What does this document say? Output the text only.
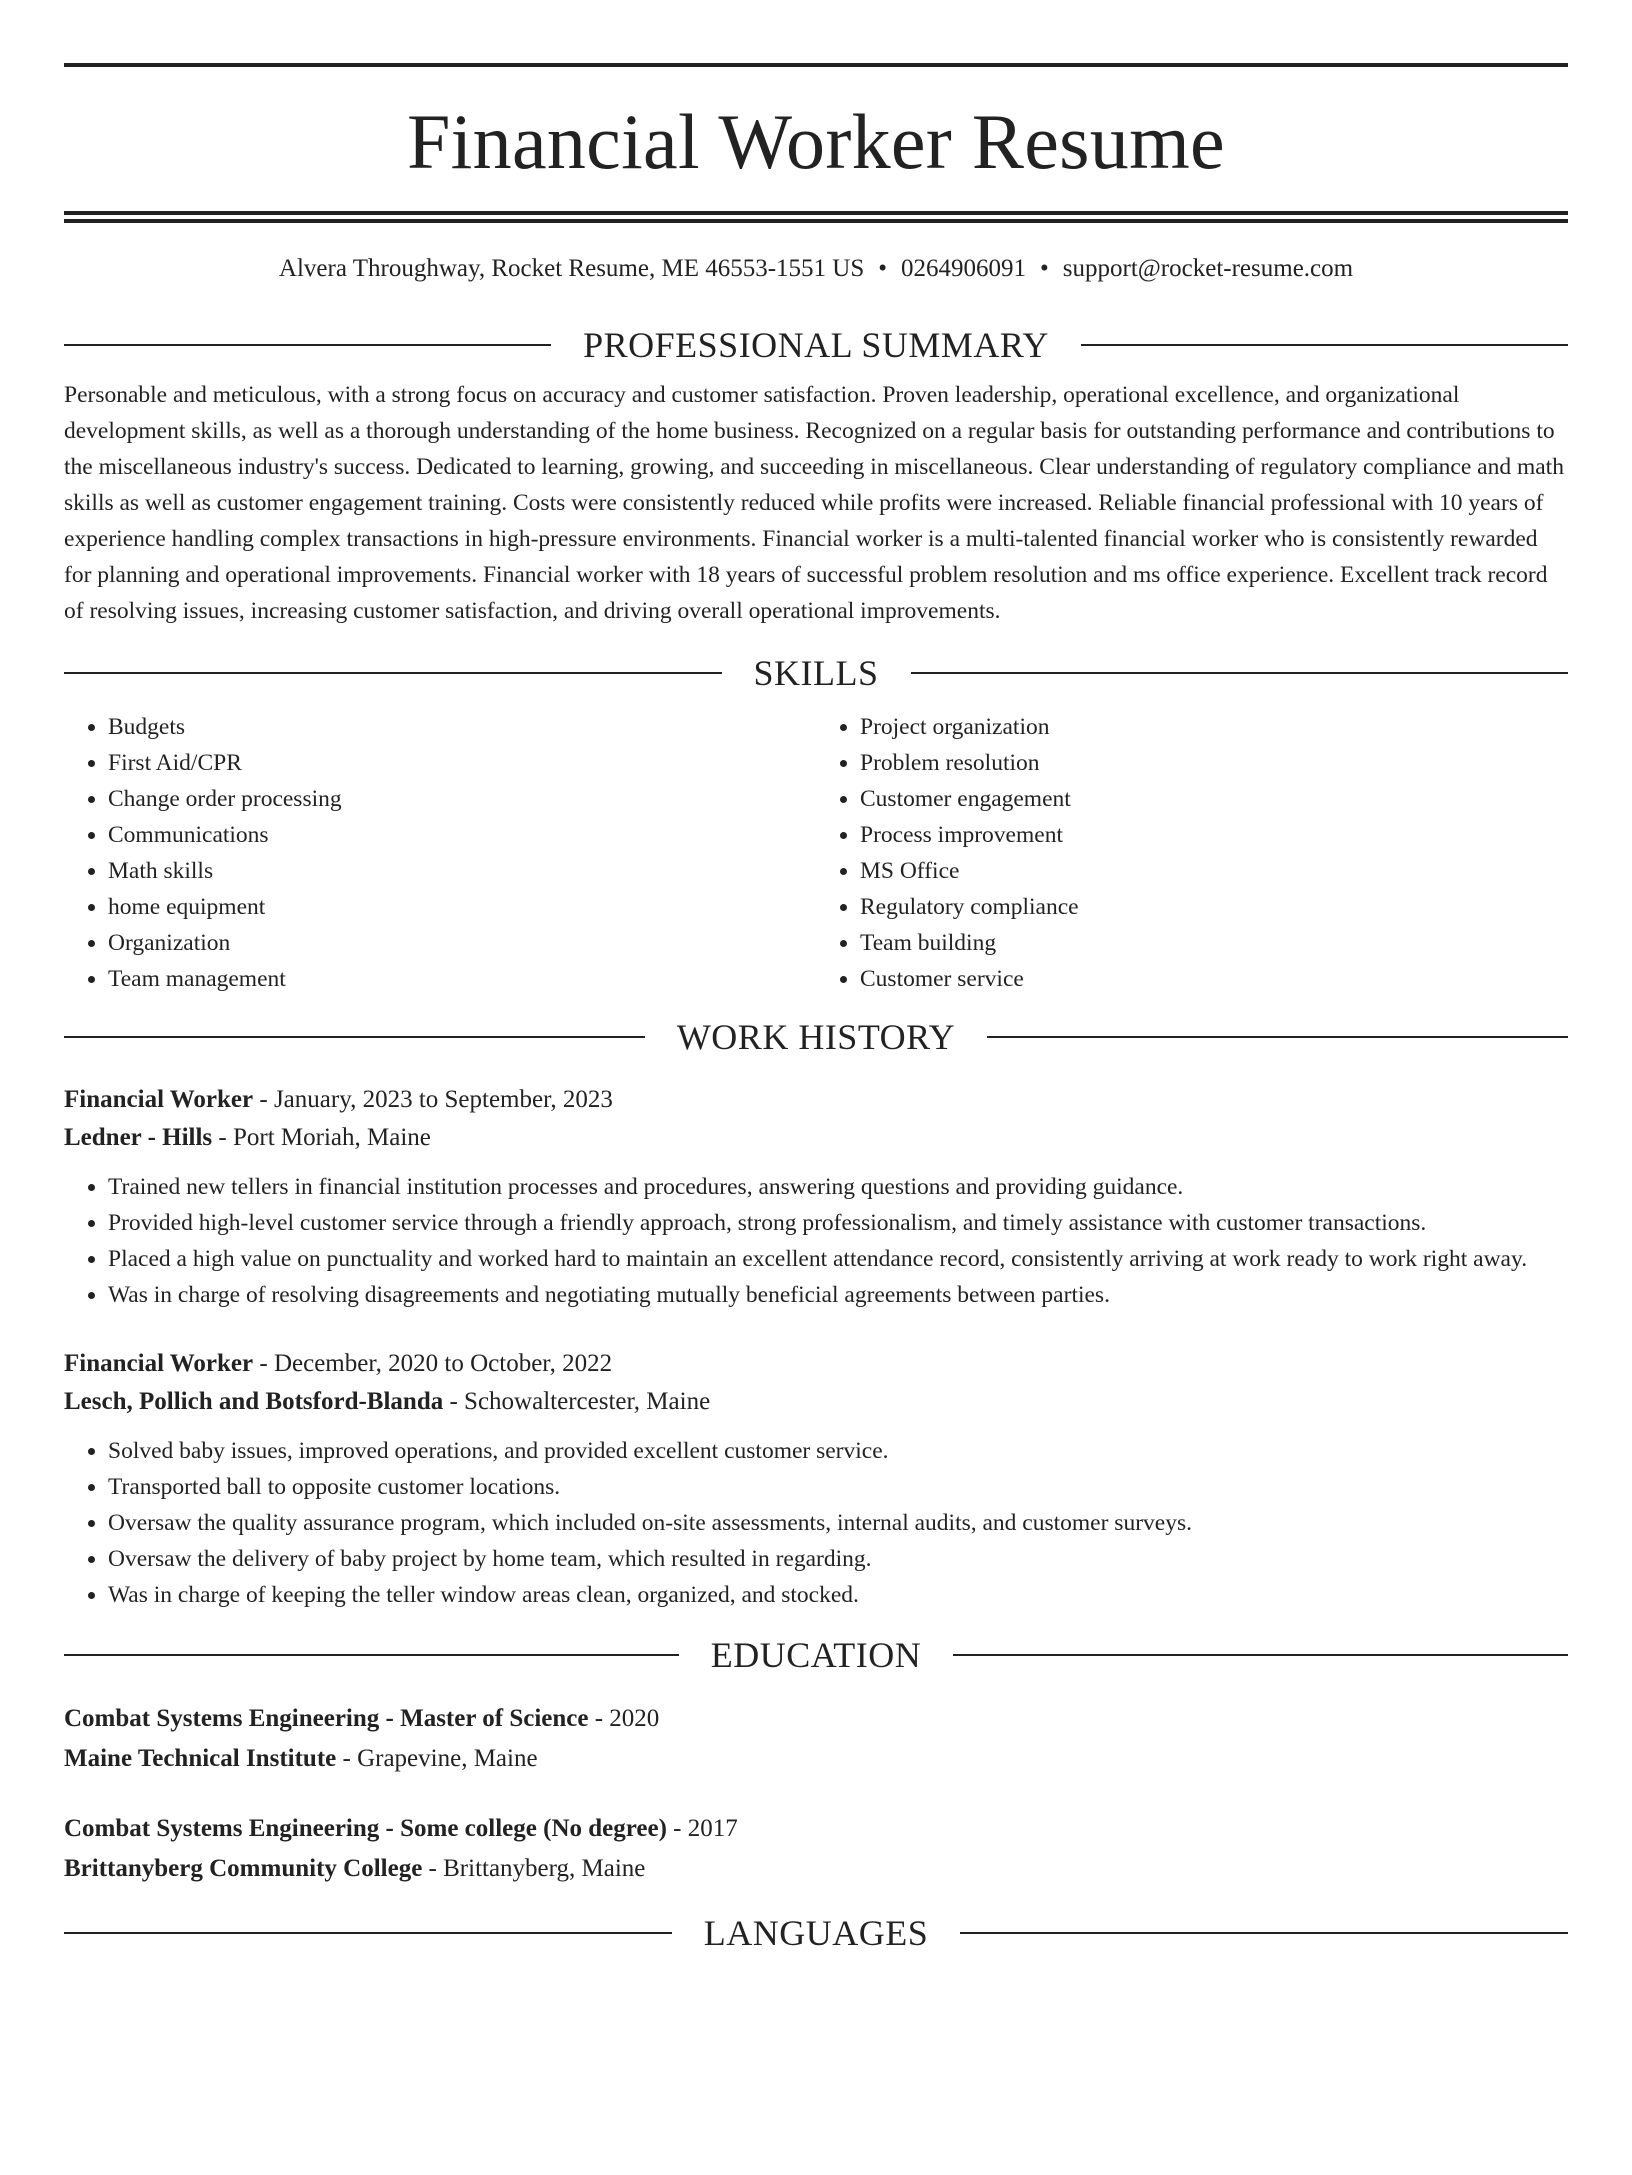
Financial Worker Resume
Alvera Throughway, Rocket Resume, ME 46553-1551 US • 0264906091 • support@rocket-resume.com
PROFESSIONAL SUMMARY

Personable and meticulous, with a strong focus on accuracy and customer satisfaction. Proven leadership, operational excellence, and organizational development skills, as well as a thorough understanding of the home business. Recognized on a regular basis for outstanding performance and contributions to the miscellaneous industry's success. Dedicated to learning, growing, and succeeding in miscellaneous. Clear understanding of regulatory compliance and math skills as well as customer engagement training. Costs were consistently reduced while profits were increased. Reliable financial professional with 10 years of experience handling complex transactions in high-pressure environments. Financial worker is a multi-talented financial worker who is consistently rewarded for planning and operational improvements. Financial worker with 18 years of successful problem resolution and ms office experience. Excellent track record of resolving issues, increasing customer satisfaction, and driving overall operational improvements.

SKILLS
• Budgets
• First Aid/CPR
• Change order processing
• Communications
• Math skills
• home equipment
• Organization
• Team management
• Project organization
• Problem resolution
• Customer engagement
• Process improvement
• MS Office
• Regulatory compliance
• Team building
• Customer service
WORK HISTORY
Financial Worker - January, 2023 to September, 2023
Ledner - Hills - Port Moriah, Maine
• Trained new tellers in financial institution processes and procedures, answering questions and providing guidance.
• Provided high-level customer service through a friendly approach, strong professionalism, and timely assistance with customer transactions.
• Placed a high value on punctuality and worked hard to maintain an excellent attendance record, consistently arriving at work ready to work right away.
• Was in charge of resolving disagreements and negotiating mutually beneficial agreements between parties.
Financial Worker - December, 2020 to October, 2022
Lesch, Pollich and Botsford-Blanda - Schowaltercester, Maine
• Solved baby issues, improved operations, and provided excellent customer service.
• Transported ball to opposite customer locations.
• Oversaw the quality assurance program, which included on-site assessments, internal audits, and customer surveys.
• Oversaw the delivery of baby project by home team, which resulted in regarding.
• Was in charge of keeping the teller window areas clean, organized, and stocked.
EDUCATION
Combat Systems Engineering - Master of Science - 2020
Maine Technical Institute - Grapevine, Maine
Combat Systems Engineering - Some college (No degree) - 2017
Brittanyberg Community College - Brittanyberg, Maine
LANGUAGES
